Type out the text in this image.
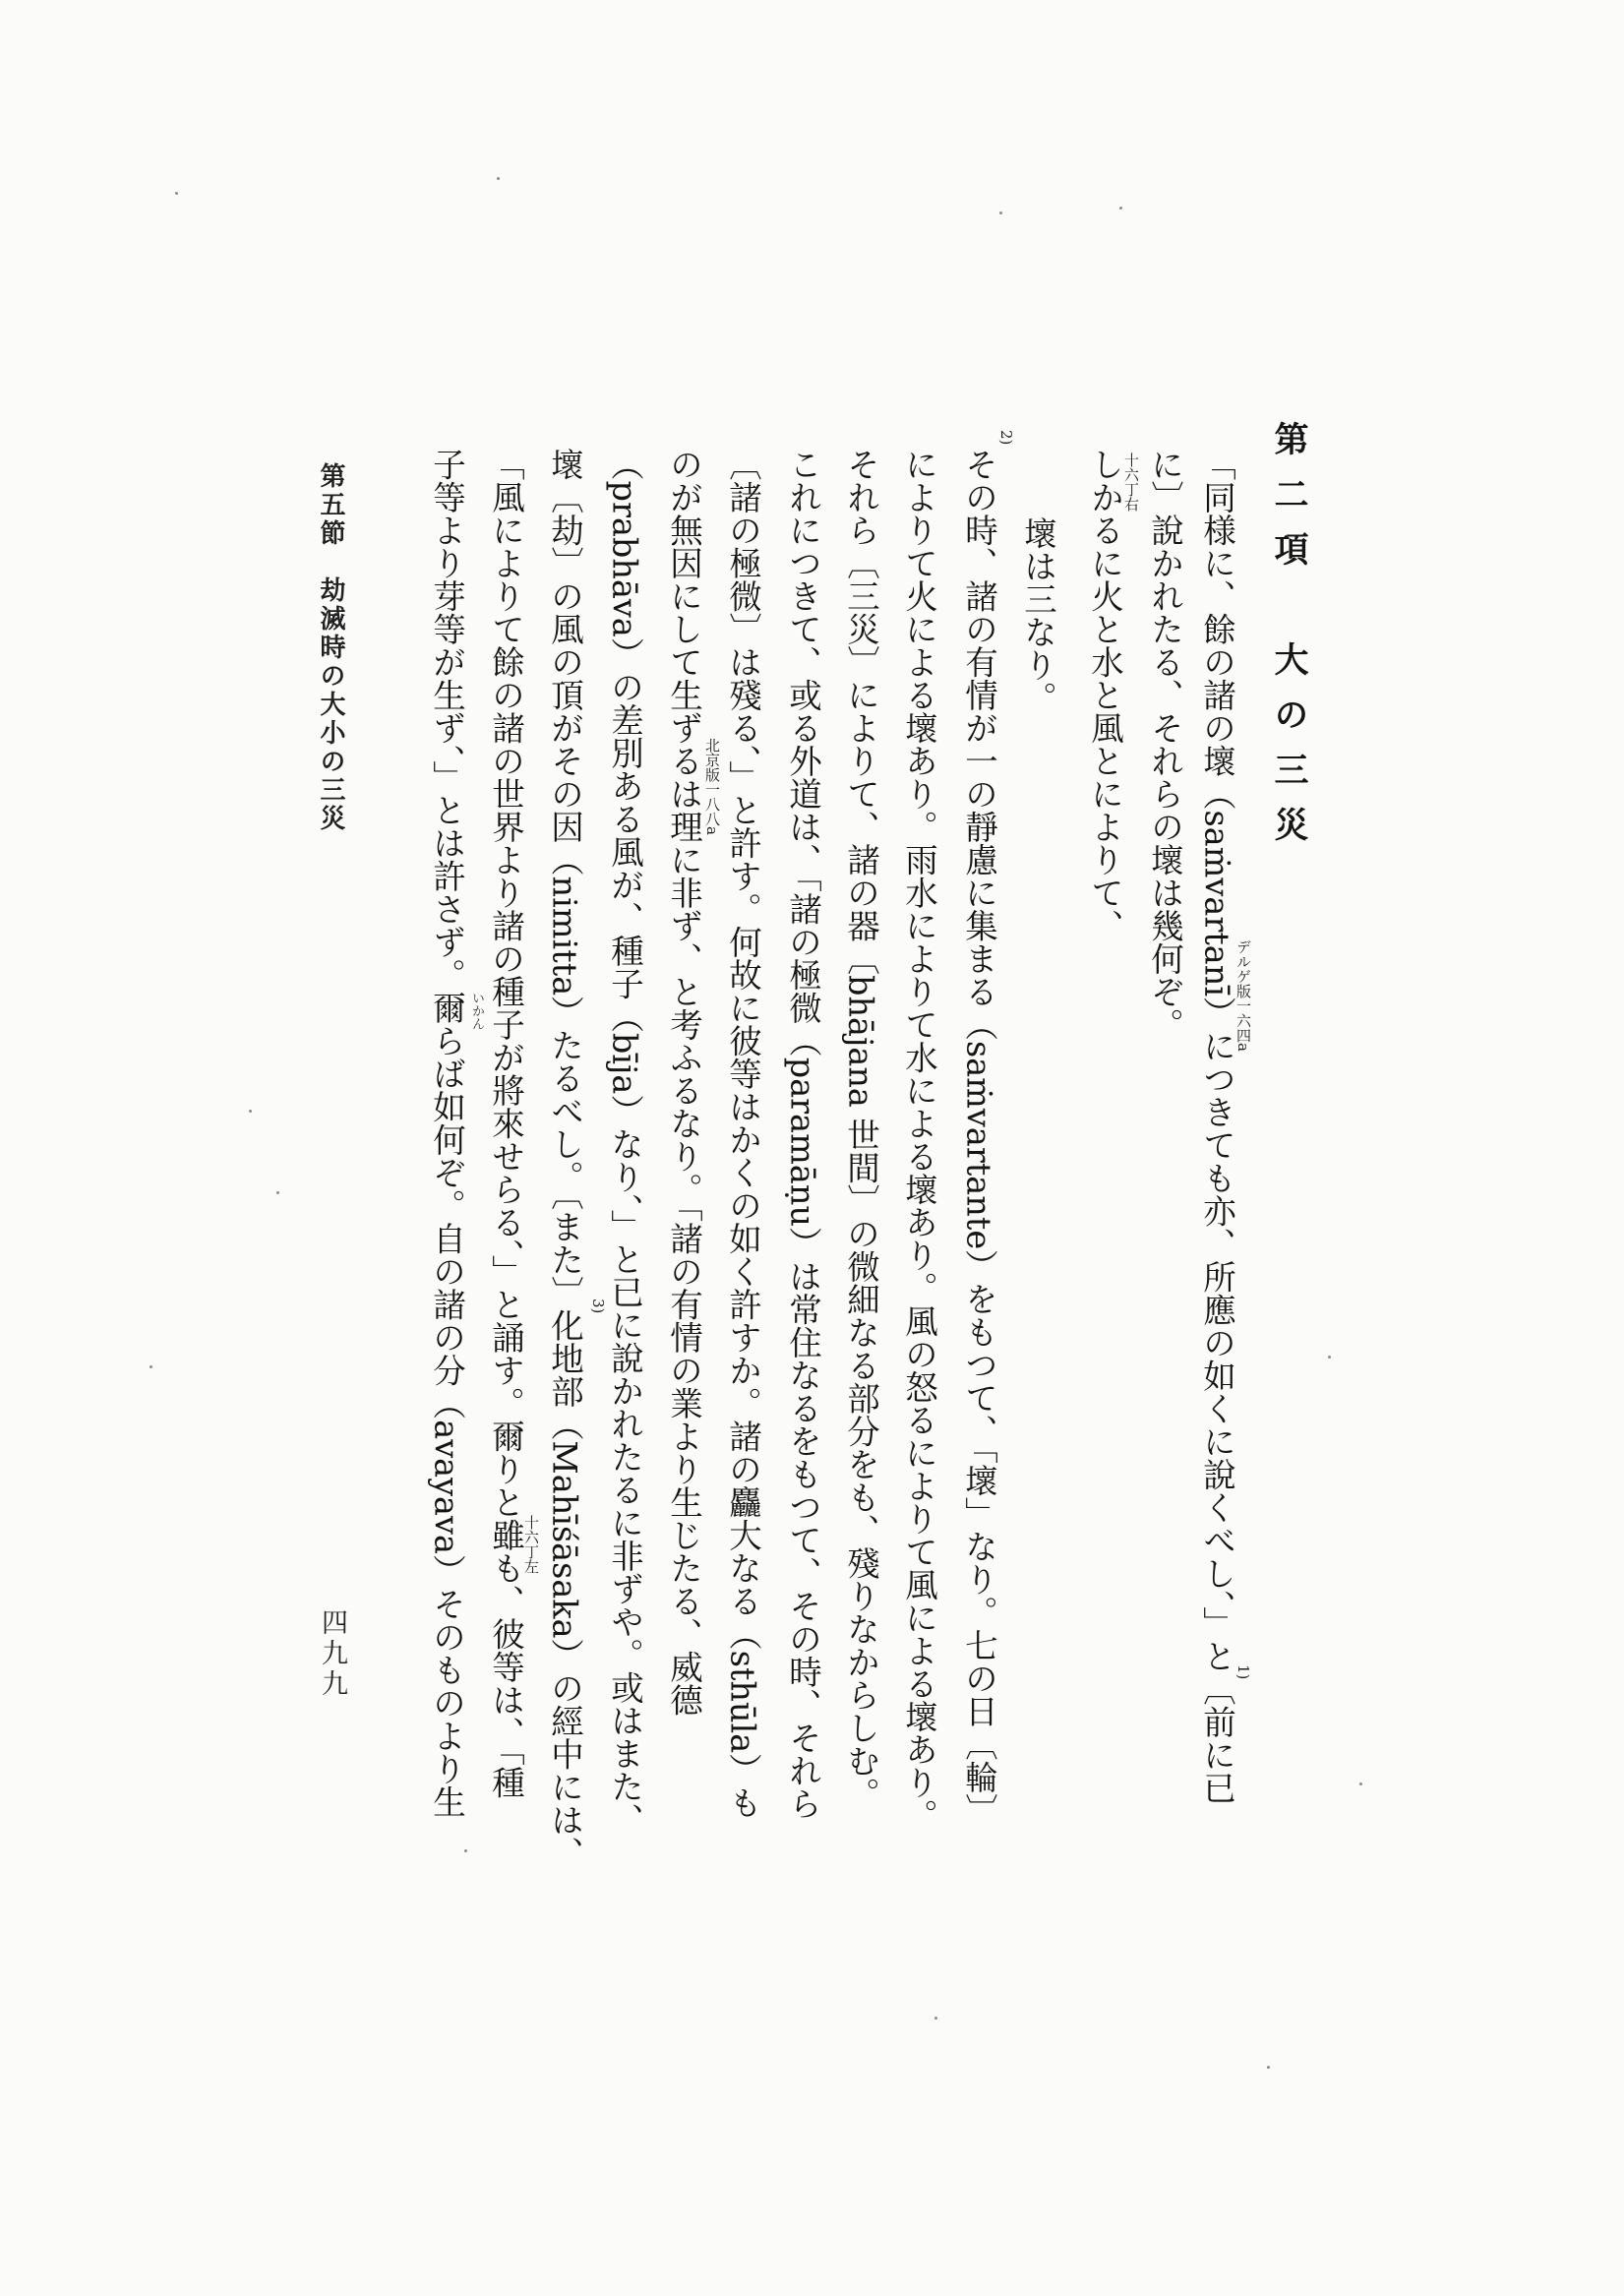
第二項　大の三災

「同様に、餘の諸の壞（saṁvartanī）につきても亦、所應の如くに說くべし、」と〔前に已

に〕說かれたる、それらの壞は幾何ぞ。

しかるに火と水と風とによりて、

壞は三なり。

その時、諸の有情が一の靜慮に集まる（saṁvartante）をもつて、「壞」なり。七の日〔輪〕

によりて火による壞あり。雨水によりて水による壞あり。風の怒るによりて風による壞あり。

それら〔三災〕によりて、諸の器〔bhājana 世間〕の微細なる部分をも、殘りなからしむ。

これにつきて、或る外道は、「諸の極微（paramāṇu）は常住なるをもつて、その時、それら

〔諸の極微〕は殘る、」と許す。何故に彼等はかくの如く許すか。諸の麤大なる（sthūla）も

のが無因にして生ずるは理に非ず、と考ふるなり。「諸の有情の業より生じたる、威德

（prabhāva）の差別ある風が、種子（bīja）なり、」と已に說かれたるに非ずや。或はまた、

壞〔劫〕の風の頂がその因（nimitta）たるべし。〔また〕化地部（Mahīśāsaka）の經中には、

「風によりて餘の諸の世界より諸の種子が將來せらる、」と誦す。爾りと雖も、彼等は、「種

子等より芽等が生ず、」とは許さず。爾らば如何ぞ。自の諸の分（avayava）そのものより生	デルゲ版一六四a
1)
2)
3)
十六丁右
北京版一八八a
十六丁左
いかん
第五節　劫滅時の大小の三災
四九九
